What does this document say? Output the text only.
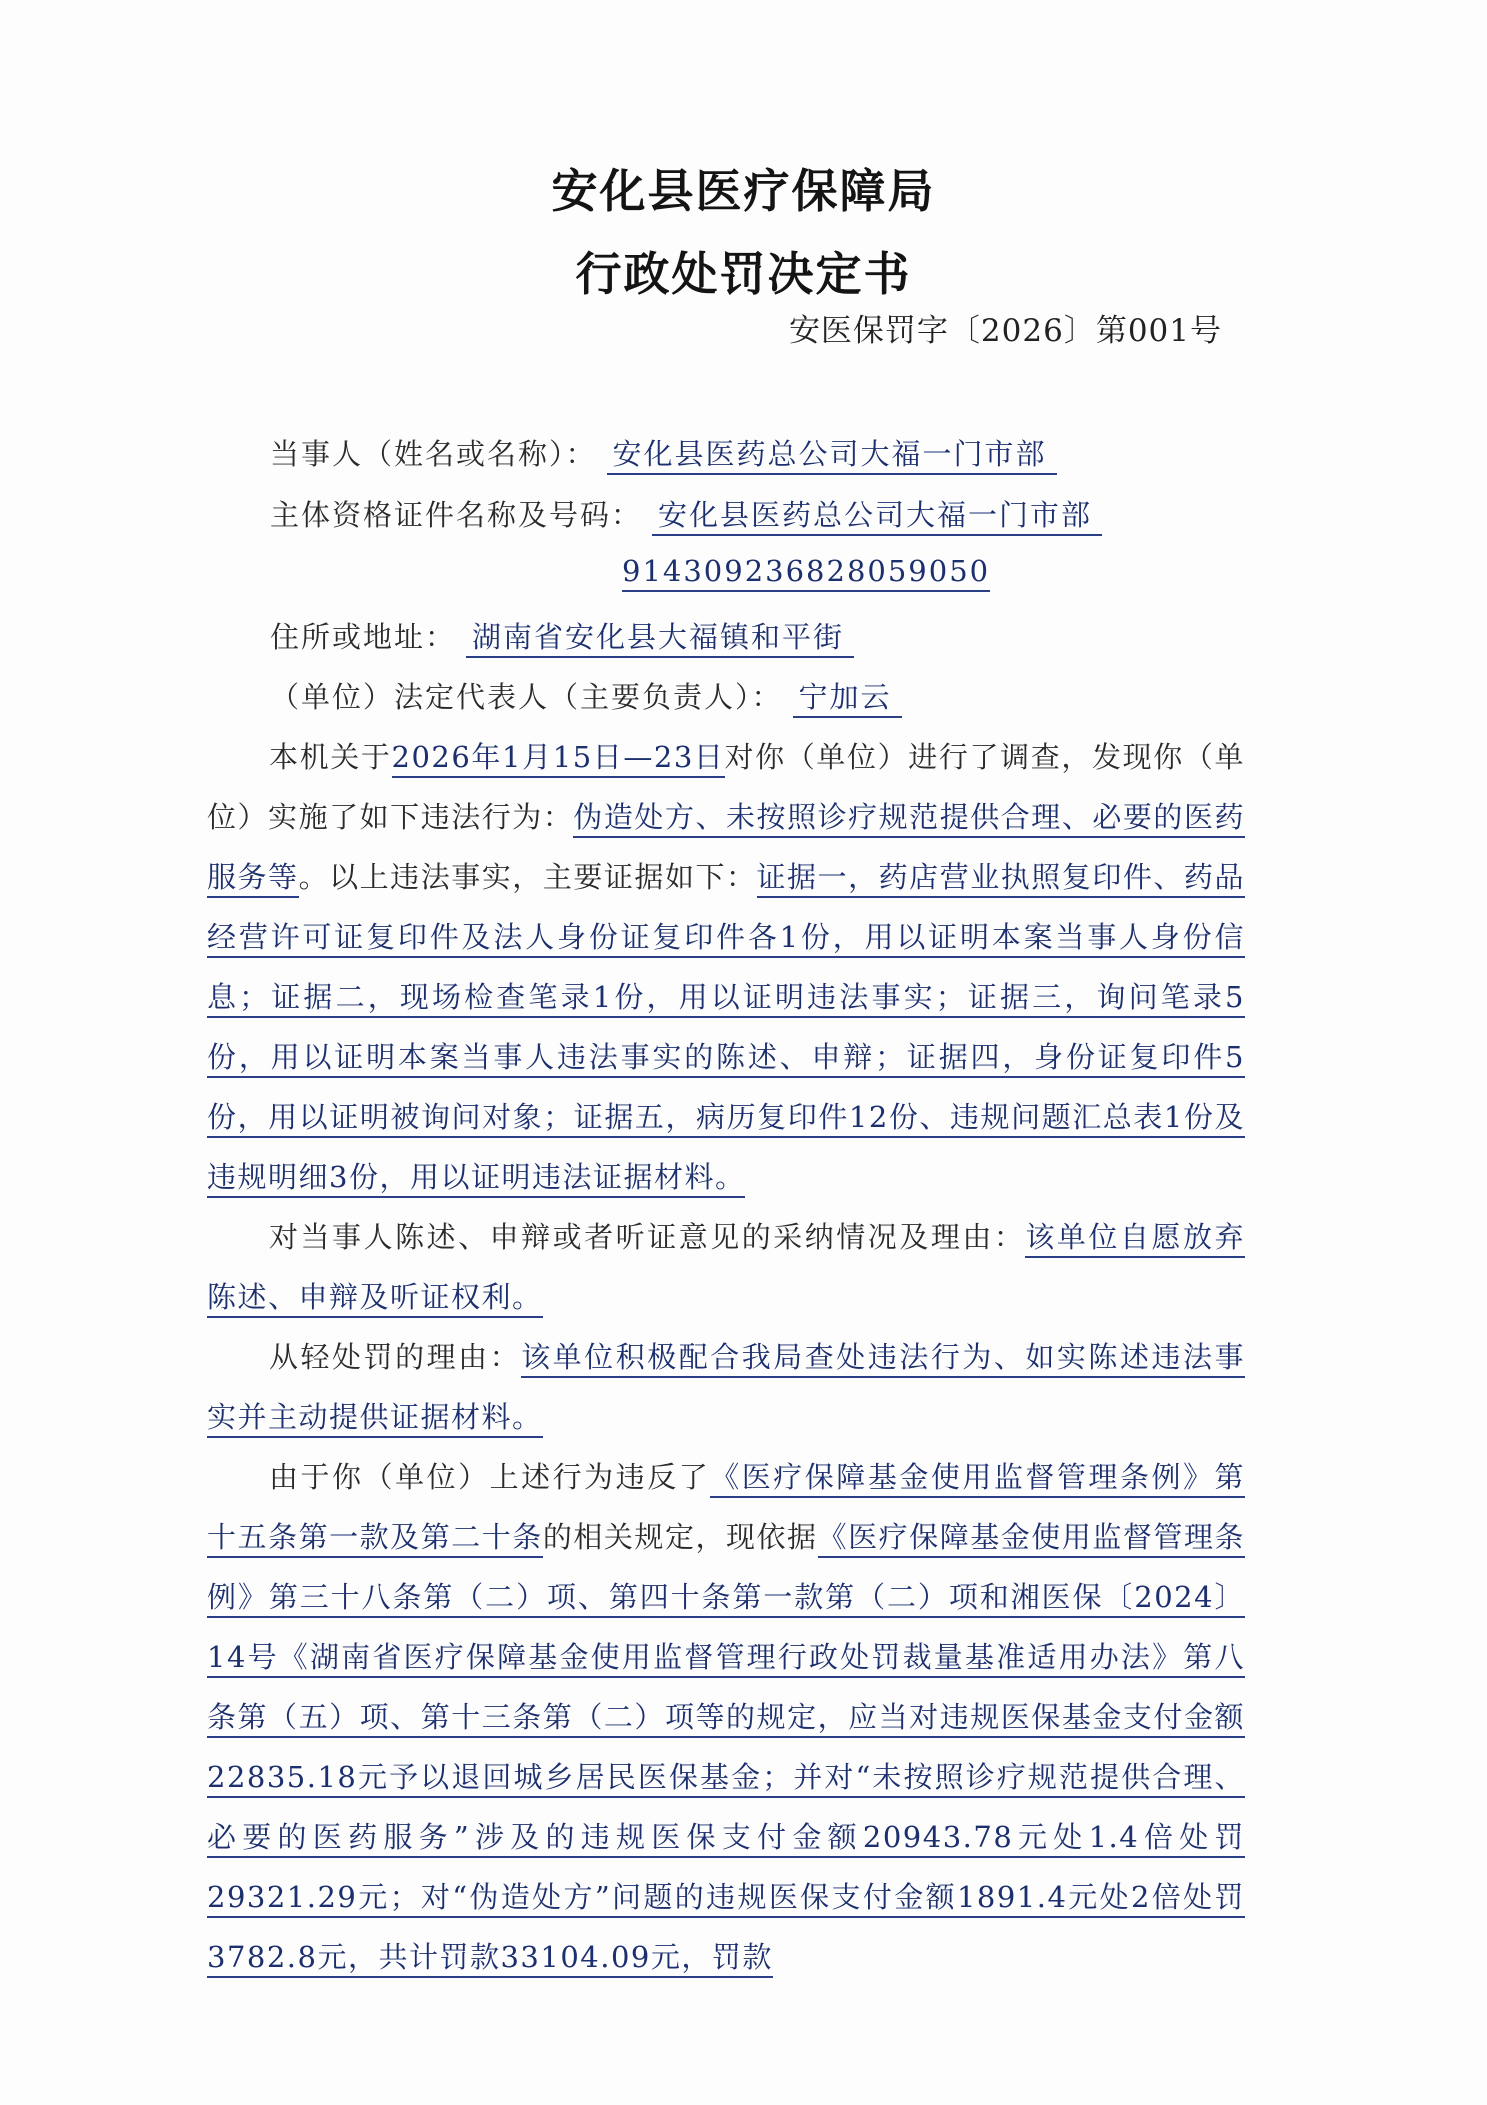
安化县医疗保障局
行政处罚决定书
安医保罚字〔2026〕第001号
当事人（姓名或名称）： 安化县医药总公司大福一门市部
主体资格证件名称及号码： 安化县医药总公司大福一门市部
914309236828059050
住所或地址： 湖南省安化县大福镇和平街
（单位）法定代表人（主要负责人）： 宁加云
本机关于2026年1月15日—23日对你（单位）进行了调查，发现你（单位）实施了如下违法行为：伪造处方、未按照诊疗规范提供合理、必要的医药服务等。以上违法事实，主要证据如下：证据一，药店营业执照复印件、药品经营许可证复印件及法人身份证复印件各1份，用以证明本案当事人身份信息；证据二，现场检查笔录1份，用以证明违法事实；证据三，询问笔录5份，用以证明本案当事人违法事实的陈述、申辩；证据四，身份证复印件5份，用以证明被询问对象；证据五，病历复印件12份、违规问题汇总表1份及违规明细3份，用以证明违法证据材料。
对当事人陈述、申辩或者听证意见的采纳情况及理由：该单位自愿放弃陈述、申辩及听证权利。
从轻处罚的理由：该单位积极配合我局查处违法行为、如实陈述违法事实并主动提供证据材料。
由于你（单位）上述行为违反了《医疗保障基金使用监督管理条例》第十五条第一款及第二十条的相关规定，现依据《医疗保障基金使用监督管理条例》第三十八条第（二）项、第四十条第一款第（二）项和湘医保〔2024〕14号《湖南省医疗保障基金使用监督管理行政处罚裁量基准适用办法》第八条第（五）项、第十三条第（二）项等的规定，应当对违规医保基金支付金额22835.18元予以退回城乡居民医保基金；并对“未按照诊疗规范提供合理、必要的医药服务”涉及的违规医保支付金额20943.78元处1.4倍处罚29321.29元；对“伪造处方”问题的违规医保支付金额1891.4元处2倍处罚3782.8元，共计罚款33104.09元，罚款
